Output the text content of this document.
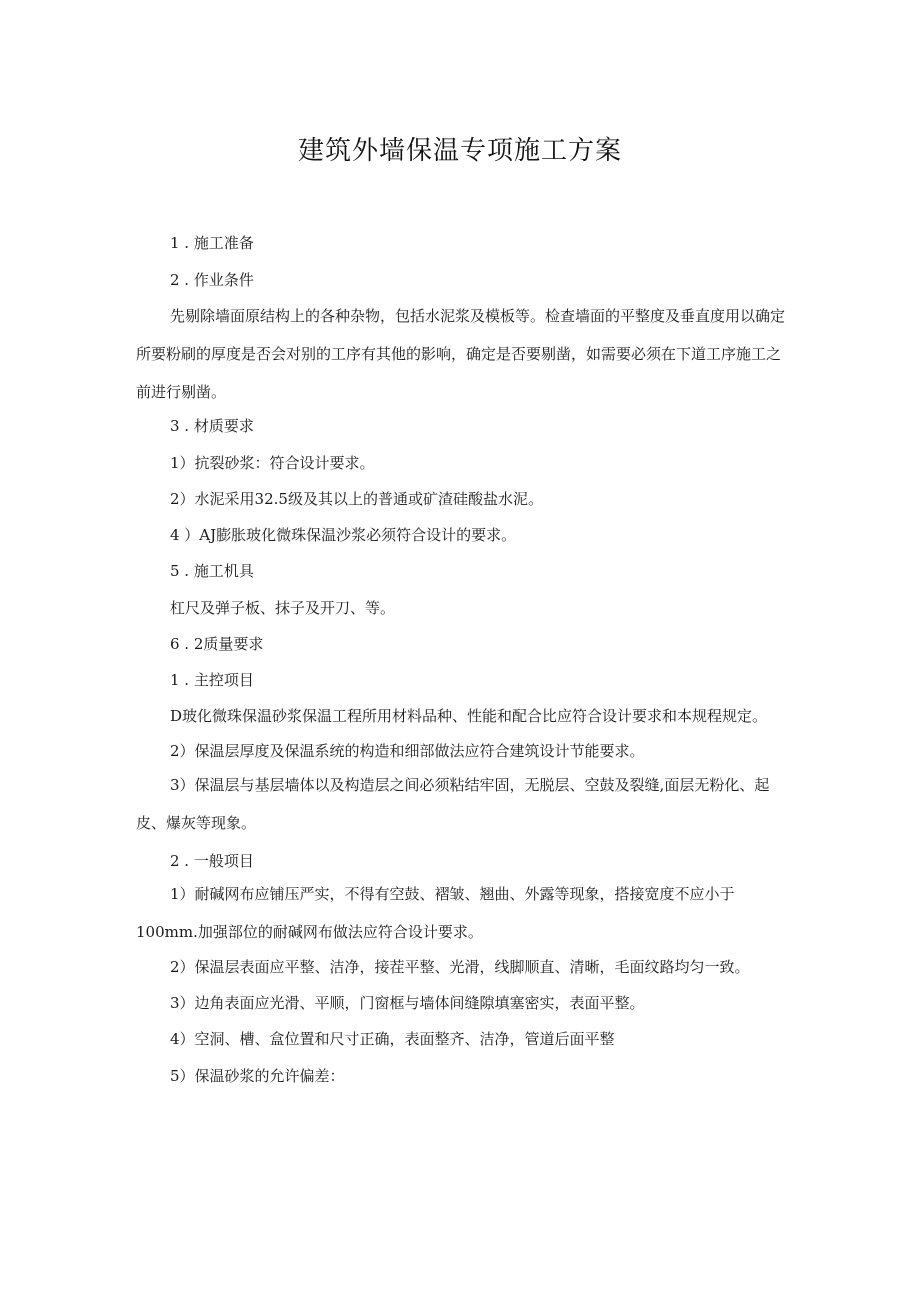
建筑外墙保温专项施工方案
1 . 施工准备
2 . 作业条件
先剔除墙面原结构上的各种杂物，包括水泥浆及模板等。检查墙面的平整度及垂直度用以确定所要粉刷的厚度是否会对别的工序有其他的影响，确定是否要剔凿，如需要必须在下道工序施工之前进行剔凿。
3 . 材质要求
1）抗裂砂浆：符合设计要求。
2）水泥采用32.5级及其以上的普通或矿渣硅酸盐水泥。
4 ）AJ膨胀玻化微珠保温沙浆必须符合设计的要求。
5 . 施工机具
杠尺及弹子板、抹子及开刀、等。
6 . 2质量要求
1 . 主控项目
D玻化微珠保温砂浆保温工程所用材料品种、性能和配合比应符合设计要求和本规程规定。
2）保温层厚度及保温系统的构造和细部做法应符合建筑设计节能要求。
3）保温层与基层墙体以及构造层之间必须粘结牢固，无脱层、空鼓及裂缝,面层无粉化、起皮、爆灰等现象。
2 . 一般项目
1）耐碱网布应铺压严实，不得有空鼓、褶皱、翘曲、外露等现象，搭接宽度不应小于100mm.加强部位的耐碱网布做法应符合设计要求。
2）保温层表面应平整、洁净，接茬平整、光滑，线脚顺直、清晰，毛面纹路均匀一致。
3）边角表面应光滑、平顺，门窗框与墙体间缝隙填塞密实，表面平整。
4）空洞、槽、盒位置和尺寸正确，表面整齐、洁净，管道后面平整
5）保温砂浆的允许偏差：
